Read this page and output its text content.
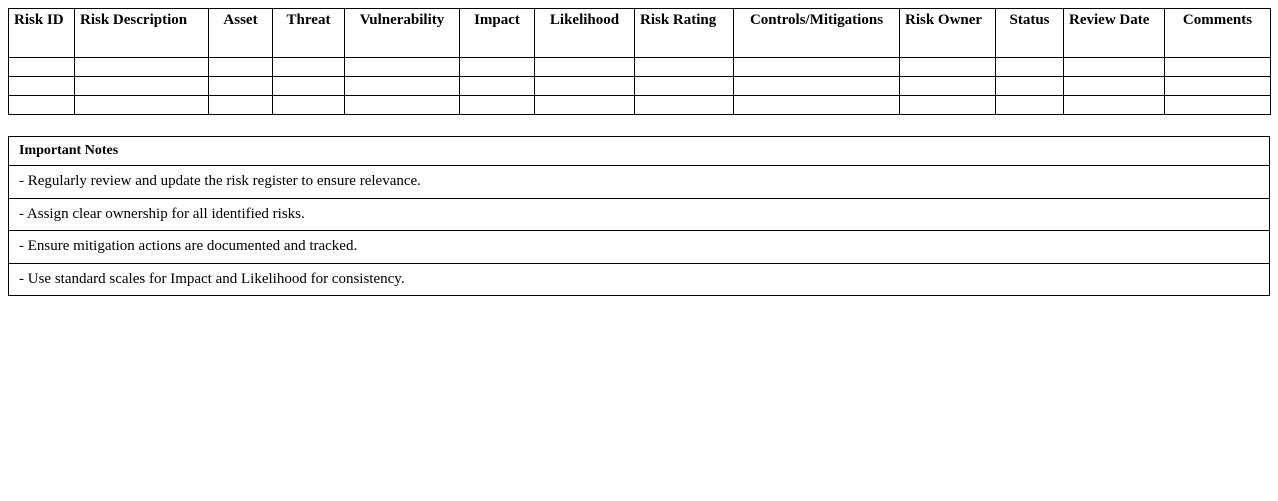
Risk ID	Risk Description	Asset	Threat	Vulnerability	Impact	Likelihood	Risk Rating	Controls/Mitigations	Risk Owner	Status	Review Date	Comments

Important Notes
- Regularly review and update the risk register to ensure relevance.
- Assign clear ownership for all identified risks.
- Ensure mitigation actions are documented and tracked.
- Use standard scales for Impact and Likelihood for consistency.
